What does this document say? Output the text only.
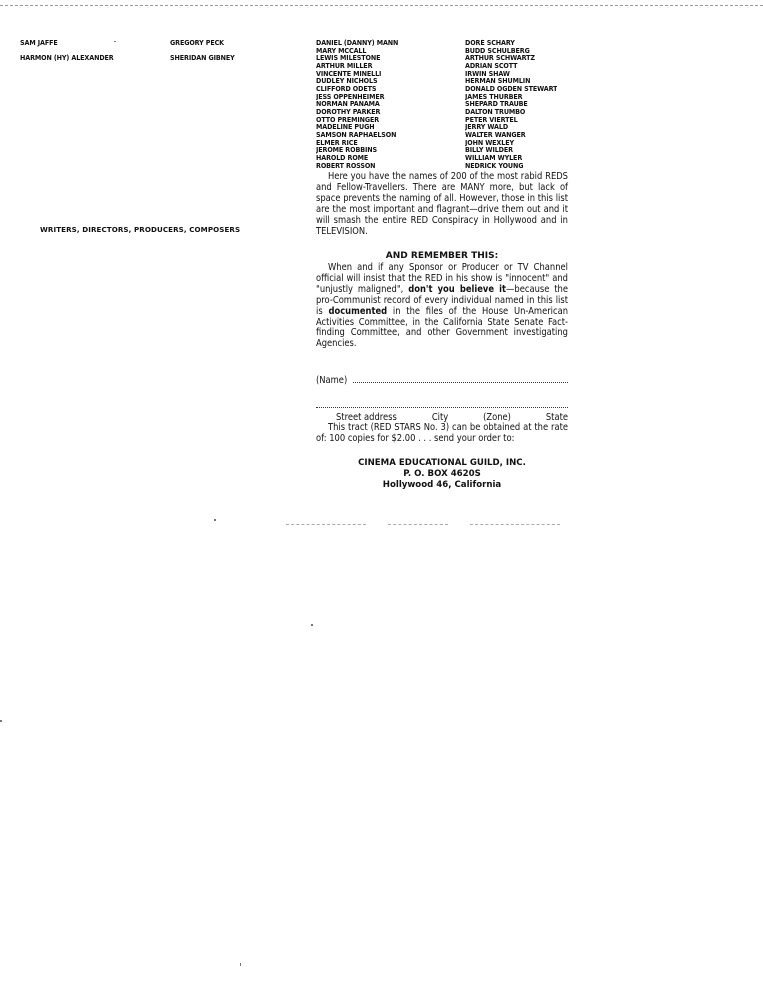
SAM JAFFE
HARMON (HY) ALEXANDER
WRITERS, DIRECTORS, PRODUCERS, COMPOSERS
GREGORY PECK
SHERIDAN GIBNEY
DANIEL (DANNY) MANN
MARY MCCALL
LEWIS MILESTONE
ARTHUR MILLER
VINCENTE MINELLI
DUDLEY NICHOLS
CLIFFORD ODETS
JESS OPPENHEIMER
NORMAN PANAMA
DOROTHY PARKER
OTTO PREMINGER
MADELINE PUGH
SAMSON RAPHAELSON
ELMER RICE
JEROME ROBBINS
HAROLD ROME
ROBERT ROSSON
DORÉ SCHARY
BUDD SCHULBERG
ARTHUR SCHWARTZ
ADRIAN SCOTT
IRWIN SHAW
HERMAN SHUMLIN
DONALD OGDEN STEWART
JAMES THURBER
SHEPARD TRAUBE
DALTON TRUMBO
PETER VIERTEL
JERRY WALD
WALTER WANGER
JOHN WEXLEY
BILLY WILDER
WILLIAM WYLER
NEDRICK YOUNG
Here you have the names of 200 of the most rabid REDS and Fellow-Travellers. There are MANY more, but lack of space prevents the naming of all. However, those in this list are the most important and flagrant—drive them out and it will smash the entire RED Conspiracy in Hollywood and in TELEVISION.
AND REMEMBER THIS:
When and if any Sponsor or Producer or TV Channel official will insist that the RED in his show is "innocent" and "unjustly maligned", don't you believe it—because the pro-Communist record of every individual named in this list is documented in the files of the House Un-American Activities Committee, in the California State Senate Fact-finding Committee, and other Government investigating Agencies.
(Name)
Street address	City	(Zone)	State
This tract (RED STARS No. 3) can be obtained at the rate of: 100 copies for $2.00 . . . send your order to:
CINEMA EDUCATIONAL GUILD, INC.
P. O. BOX 4620S
Hollywood 46, California
